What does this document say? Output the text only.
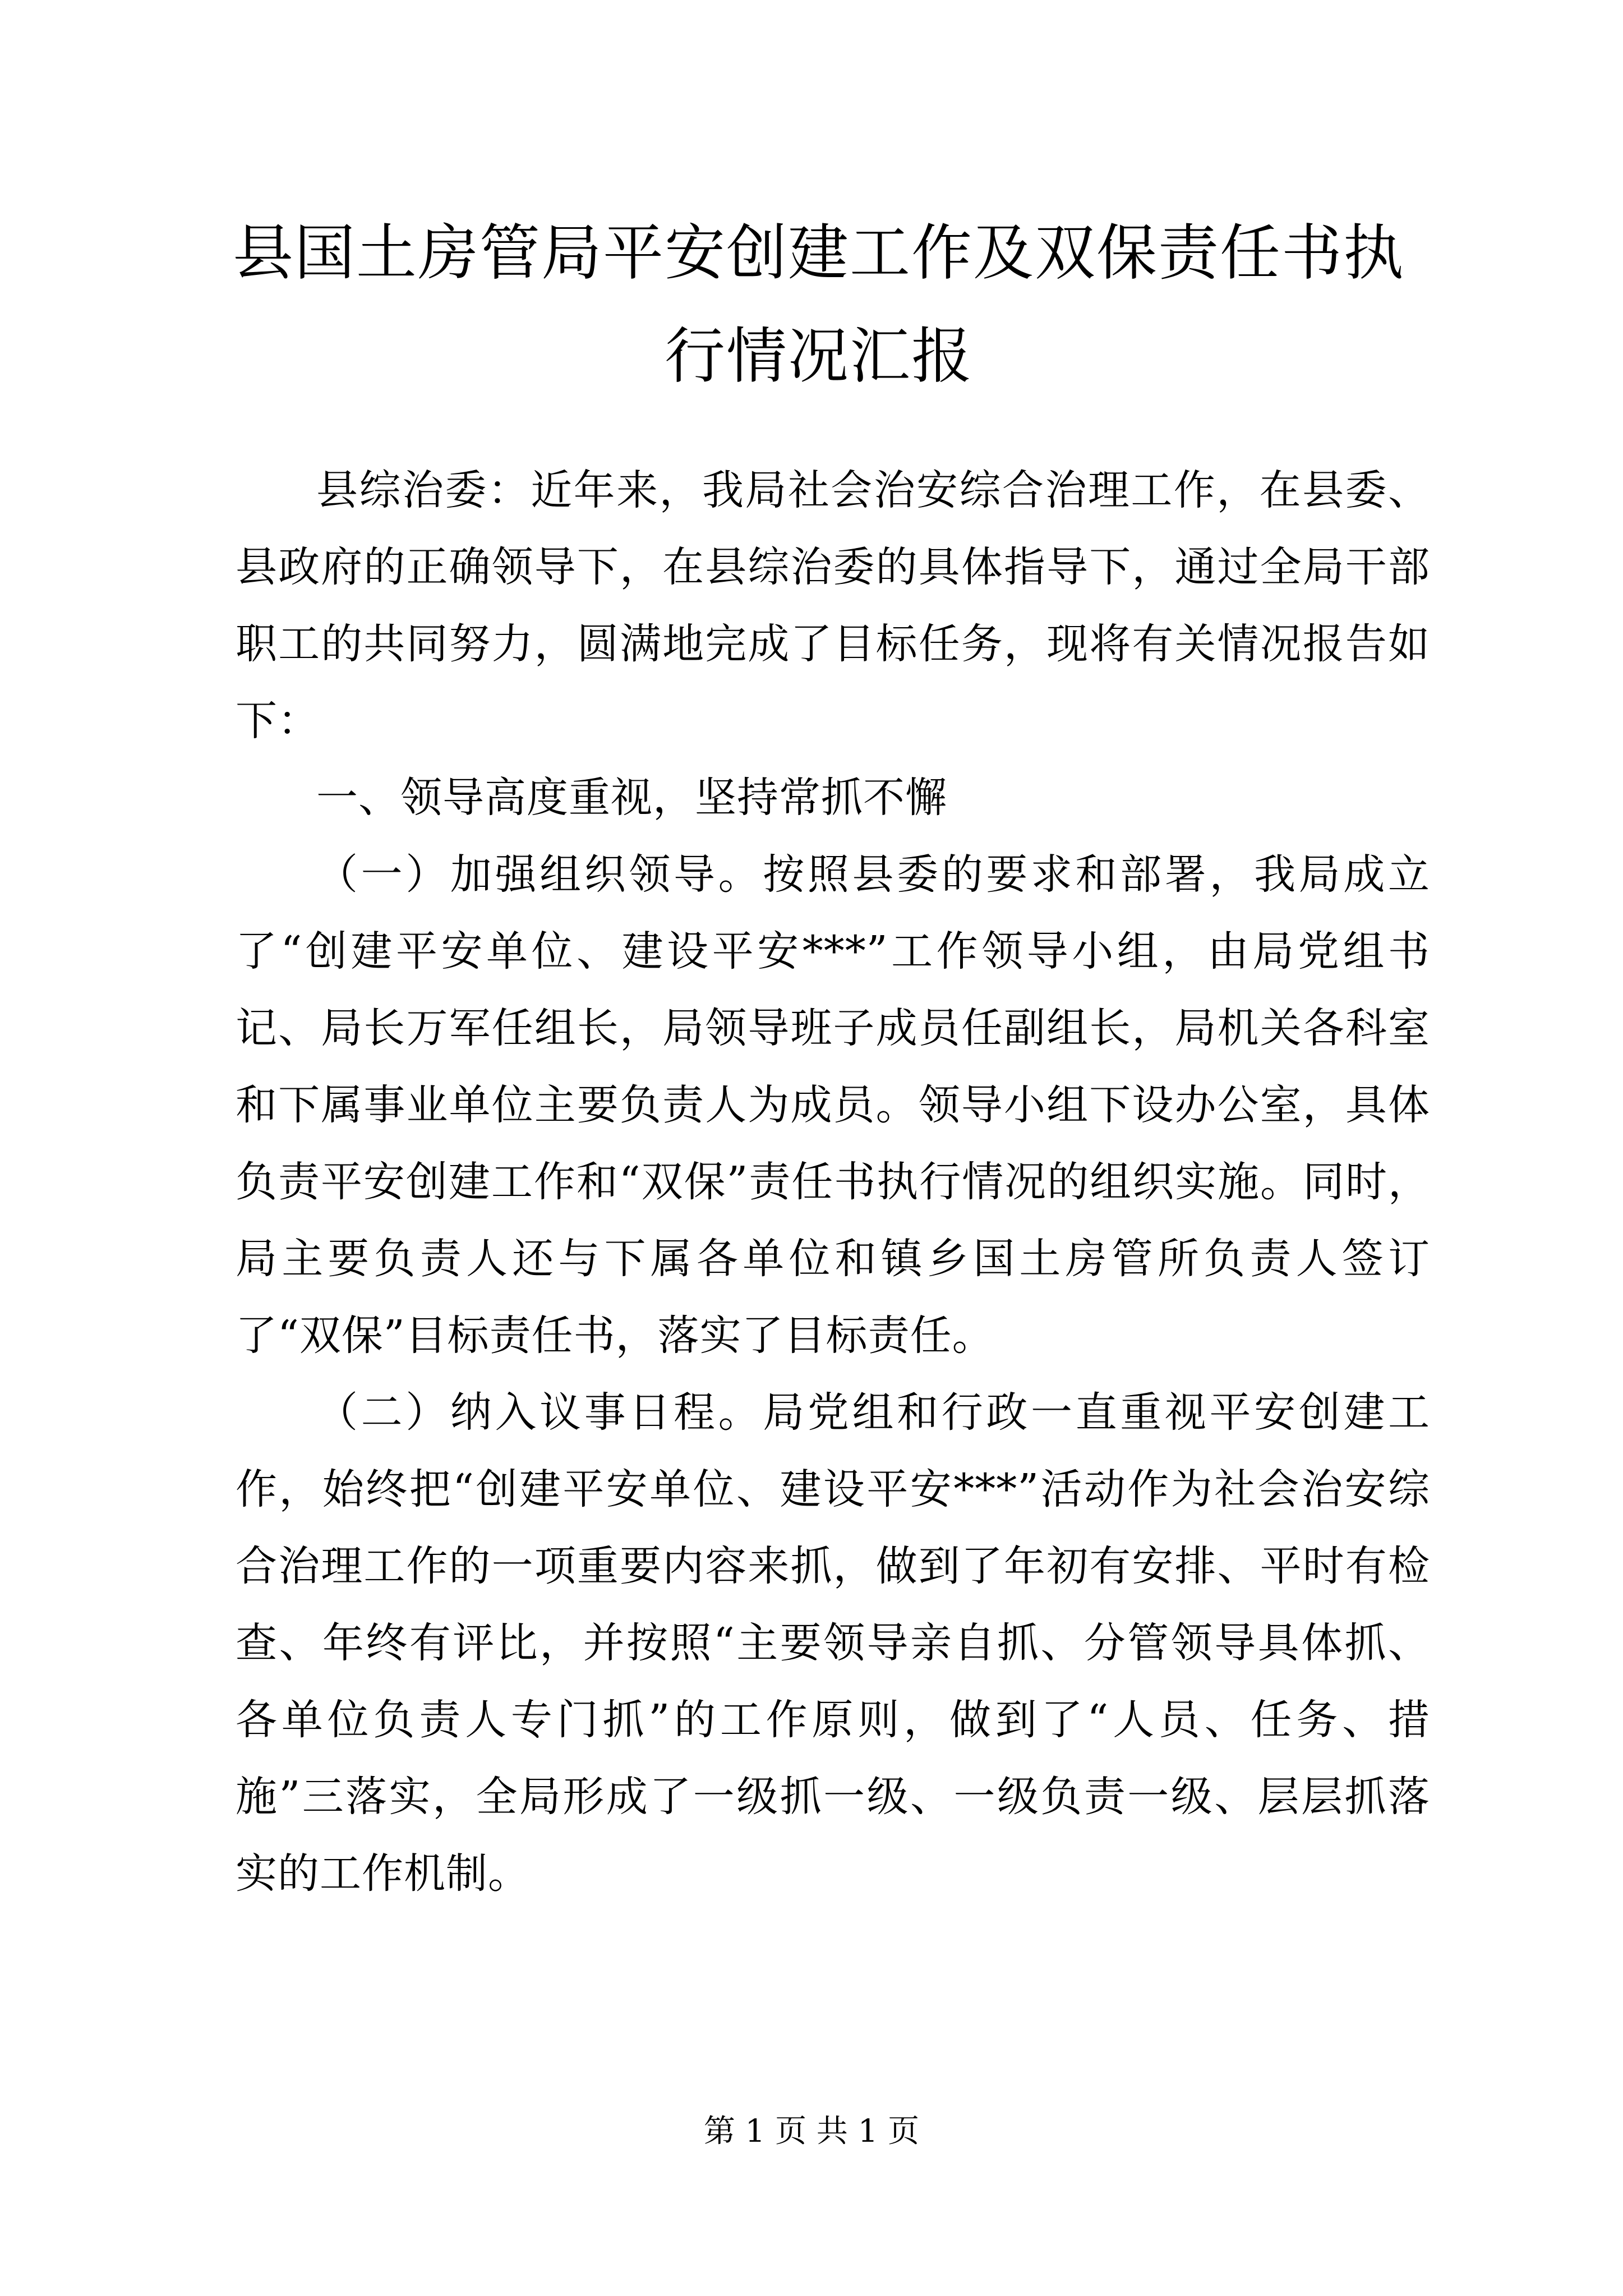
县国土房管局平安创建工作及双保责任书执行情况汇报

县综治委：近年来，我局社会治安综合治理工作，在县委、县政府的正确领导下，在县综治委的具体指导下，通过全局干部职工的共同努力，圆满地完成了目标任务，现将有关情况报告如下：

一、领导高度重视，坚持常抓不懈

（一）加强组织领导。按照县委的要求和部署，我局成立了“创建平安单位、建设平安***”工作领导小组，由局党组书记、局长万军任组长，局领导班子成员任副组长，局机关各科室和下属事业单位主要负责人为成员。领导小组下设办公室，具体负责平安创建工作和“双保”责任书执行情况的组织实施。同时，局主要负责人还与下属各单位和镇乡国土房管所负责人签订了“双保”目标责任书，落实了目标责任。

（二）纳入议事日程。局党组和行政一直重视平安创建工作，始终把“创建平安单位、建设平安***”活动作为社会治安综合治理工作的一项重要内容来抓，做到了年初有安排、平时有检查、年终有评比，并按照“主要领导亲自抓、分管领导具体抓、各单位负责人专门抓”的工作原则，做到了“人员、任务、措施”三落实，全局形成了一级抓一级、一级负责一级、层层抓落实的工作机制。

第 1 页 共 1 页
